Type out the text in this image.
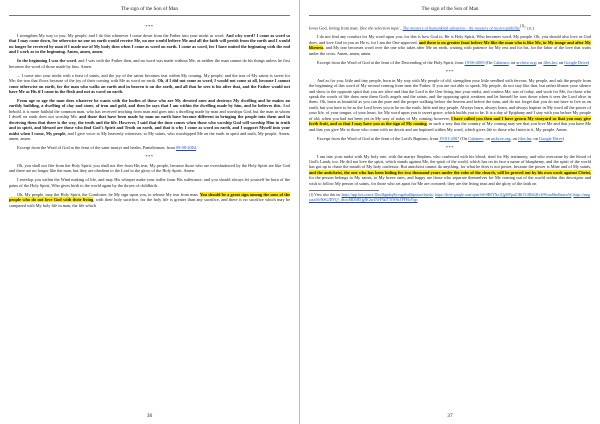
The sign of the Son of Man

***

I strengthen My way to you, My people, and I do this whenever I come down from the Father into your midst as word. And why word? I come as word so that I may come down, for otherwise no one on earth would receive Me, no one would believe Me and all the faith will perish from the earth and I would no longer be received by man if I made use of My body then when I come as word on earth. I come as word, for I have united the beginning with the end and I work as in the beginning. Amen, amen, amen.

In the beginning I was the word, and I was with the Father then, and no word was made without Me, as neither the man cannot do his things unless he first becomes the word of those made by him. Amen.

... I come into your midst with a feast of saints, and the joy of the saints becomes tear within My coming, My people, and the tear of My saints is sweet for Me; the tear that flows because of the joy of their coming with Me as word on earth. Oh, if I did not come as word, I would not come at all, because I cannot come otherwise on earth, for the man who walks on earth and in heaven is on the earth, and all that he sees is his after that, and the Father would not have Me as His if I came in the flesh and not as word on earth.

From age to age the man does whatever he wants with the bodies of those who are My devoted ones and destroys My dwelling and he makes an earthly building, a dwelling of clay and stone, of iron and gold, and then he says that I am within the dwelling made by him, and he believes this. And behold, it is more faithful the common man, who has received teaching from man and goes into a dwelling made by man and worships God, but the man in whom I dwell on earth does not worship Me, and those that have been made by man on earth have become different in bringing the people into them and in deceiving them that there is the way, the truth and the life. However, I said that the time comes when those who worship God will worship Him in truth and in spirit, and blessed are those who find God's Spirit and Truth on earth, and that is why I come as word on earth, and I support Myself into your midst when I come, My people, and I give voice to My heavenly witnesses, to My saints, who worshipped Me on the earth in spirit and truth, My people. Amen, amen, amen.

Excerpt from the Word of God at the feast of the saint martyr and healer, Panteleimon, from 09-08-2004.

***

Oh, you shall not flee from the Holy Spirit; you shall not flee from His tear, My people, because those who are overshadowed by the Holy Spirit are like God and there are no longer like the man, but they are obedient to the Lord to the glory of the Holy Spirit. Amen.

I envelop you within the Wind making of life, and may His whisper make your suffer from His sufferance, and you should always let yourself be born of the pains of the Holy Spirit, Who gives birth to the world again by the throes of childbirth.

Oh, My people, may the Holy Spirit, the Comforter, be My sign upon you, to release My tear from man. You should be a great sign among the sons of the people who do not love God with their living, with their holy sacrifice, for the holy life is greater than any sacrifice, and there is no sacrifice which may be compared with My holy life in man, the life which

36
The sign of the Son of Man

loves God, loving from man. (See the selection topic , The mystery of humankind salvation - the mystery of incorruptibility$^{(1)}$" r.n.)

I do not find any comfort for My word upon you, for this is how God is; He is Holy Spirit, Who becomes word, My people. Oh, you should also love as God does, and love God in you as He is, for I am the One approved, and there is no greater feast before Me like the man who is like Me, in My image and after My likeness, and My tear becomes word over the one who takes after Me on earth, waiting with patience for My rest and for his, for the labor of the love that waits under the cross. Amen, amen, amen.

Excerpt from the Word of God at the feast of the Descending of the Holy Spirit, from 19-06-2005 (On Calameo; on archive.org; on files.fm; on Google Drive)

***

And as for you, little and tiny people, born in My way with My people of old, strengthen your little seedbed with fervour, My people, and ask the people from the beginning of this word of My second coming from near the Father. If you are not able to speak, My people, do not stay like that, but rather bluster your silence and show to the opposite spirit that you are alive and that the Lord is the One living into your midst, and confess Me, son of today, and work for Me, for those who speak the words of life draw near them God's angels and the saints, and the opposing spirit weakens and let himself be torn down when it sees the Lord alive in them. Oh, learn as beautiful as you can the pure and the proper walking before the heaven and before the man, and do not forget that you do not have to live as on earth, but you have to be as the Lord loves you to be on the earth, little and tiny people. Always learn, always learn, and always baptize in My word all the power of your life, of your tongue, of your heart, for My word upon you is sweet grace, which builds you to be. It is a day of Epiphany and I stay with you before My people of old, when you had not been yet in My way of today of My coming; however, I have called you then and I have grown My vineyard so that you may give forth fruit, and so that I may have you as the sign of My coming, in such a way that the country of My coming may see that you love Me and that you have Me and that you give Me to those who come with no deceit and are baptized within My word, which gives life to those who listen to it, My people. Amen.

Excerpt from the Word of God at the feast of the Lord's Baptism, from 19-01-2007 (On Calameo; on archive.org; on files.fm; on Google Drive)

***

I am into your midst with My holy one, with the martyr Stephen, who confessed with his blood, shed for My testimony, and who overcame by the blood of God's Lamb, too. He did not love the spirit, which stands against Me, the spirit of the world, which has on its face a name of blasphemy, and the spirit of the world has got up to chase the mouth of My holy confessor. But antichrist cannot do anything, for what he does is not power, because the power is Mine and of My saints, and the antichrist, the one who has been hiding for two thousand years under the robe of the church, will be proved out by his own work against Christ, for the person belongs to My saints, to My brave ones, and happy are those who separate themselves for Me coming out of the world within this descriptor and wish to follow My person of saints, for those who set apart for Me are crowned; they are the living trust and the glory of the faith on

(1) View also this on: https://app.box.com/s/1lbo4bgmhql6yvugnbu6tbpsexzr3mx4c; https://drive.google.com/open?id=0B0YNo1QgWFpnZ1RtVUJRbGRvWWsmMm8imxwW; https://mega.nz/#!eNSGJDYQ!_rKcwMD0fEQgNGhyUWF5kfTTfW8xTFFHoYrgs
37
